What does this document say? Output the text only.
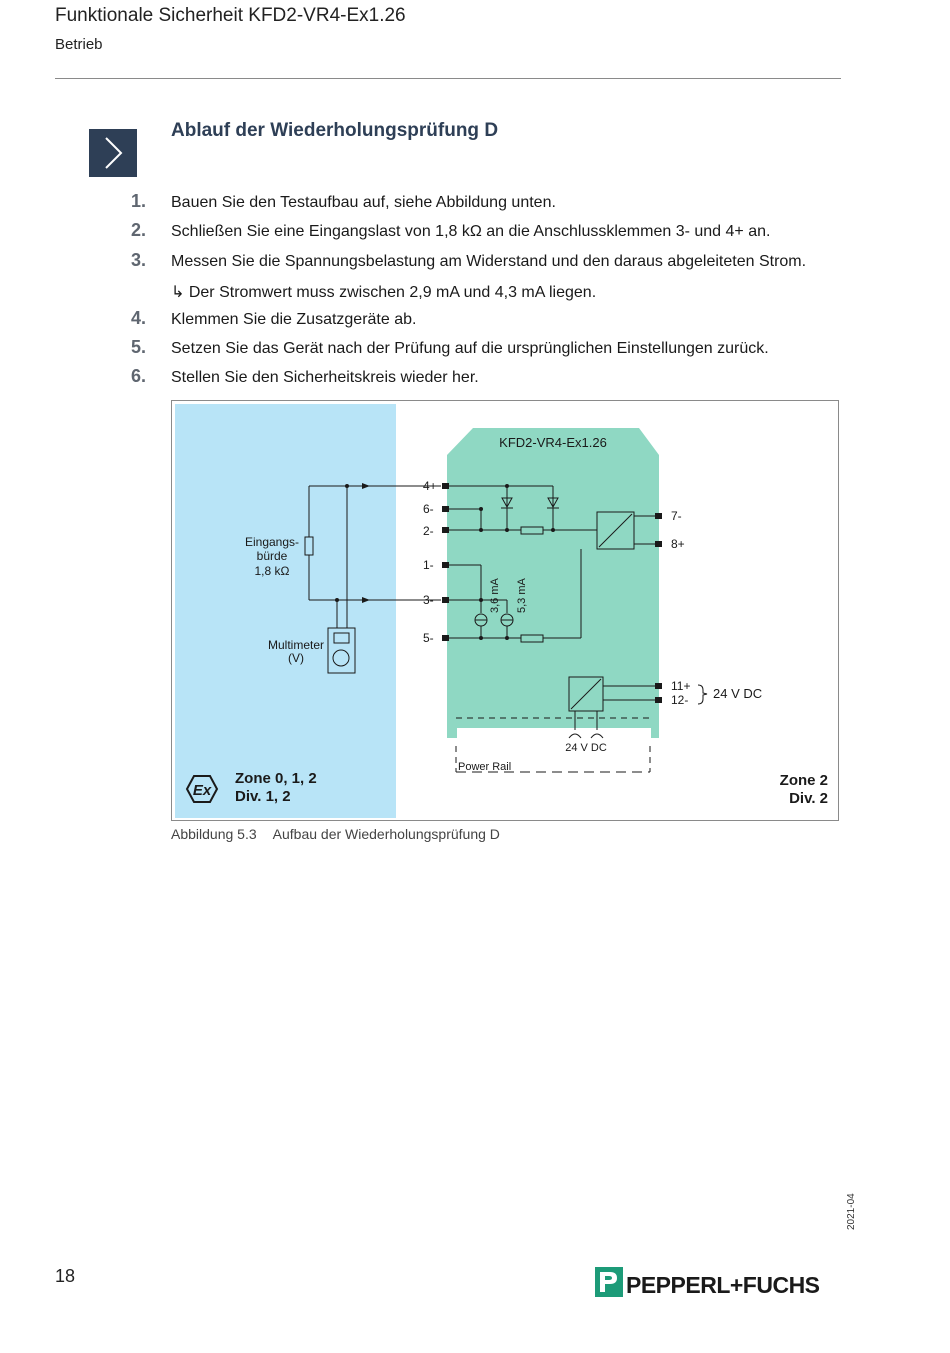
Funktionale Sicherheit KFD2-VR4-Ex1.26
Betrieb
Ablauf der Wiederholungsprüfung D
1. Bauen Sie den Testaufbau auf, siehe Abbildung unten.
2. Schließen Sie eine Eingangslast von 1,8 kΩ an die Anschlussklemmen 3- und 4+ an.
3. Messen Sie die Spannungsbelastung am Widerstand und den daraus abgeleiteten Strom.
↳ Der Stromwert muss zwischen 2,9 mA und 4,3 mA liegen.
4. Klemmen Sie die Zusatzgeräte ab.
5. Setzen Sie das Gerät nach der Prüfung auf die ursprünglichen Einstellungen zurück.
6. Stellen Sie den Sicherheitskreis wieder her.
KFD2-VR4-Ex1.26
Eingangs-
bürde
1,8 kΩ
Multimeter
(V)
4+
6-
2-
1-
3-
5-
7-
8+
11+
12-
3,6 mA 5,3 mA
24 V DC
24 V DC
Power Rail
Ex
Zone 0, 1, 2
Div. 1, 2
Zone 2
Div. 2
Abbildung 5.3 Aufbau der Wiederholungsprüfung D
2021-04
18	PEPPERL+FUCHS
